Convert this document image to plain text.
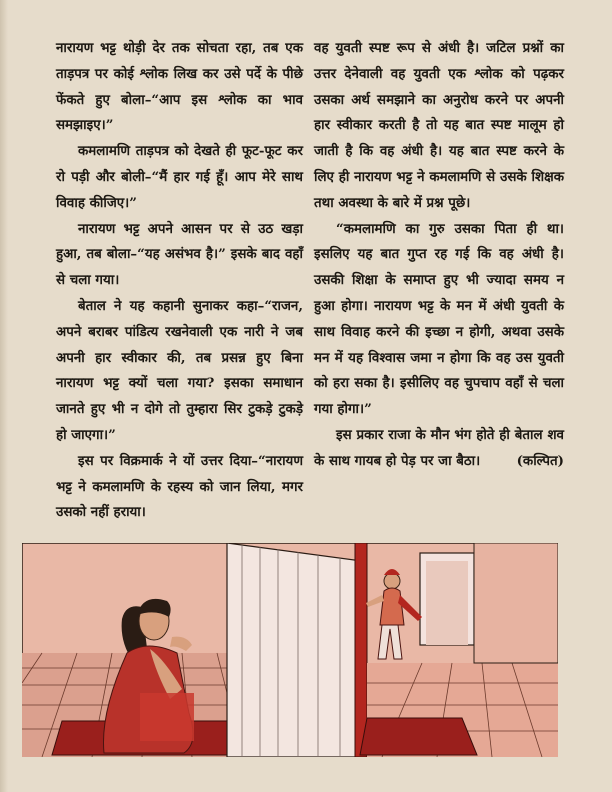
नारायण भट्ट थोड़ी देर तक सोचता रहा, तब एक ताड़पत्र पर कोई श्लोक लिख कर उसे पर्दे के पीछे फेंकते हुए बोला–“आप इस श्लोक का भाव समझाइए।”

कमलामणि ताड़पत्र को देखते ही फूट-फूट कर रो पड़ी और बोली–“मैं हार गई हूँ। आप मेरे साथ विवाह कीजिए।”

नारायण भट्ट अपने आसन पर से उठ खड़ा हुआ, तब बोला–“यह असंभव है।” इसके बाद वहाँ से चला गया।

बेताल ने यह कहानी सुनाकर कहा–“राजन, अपने बराबर पांडित्य रखनेवाली एक नारी ने जब अपनी हार स्वीकार की, तब प्रसन्न हुए बिना नारायण भट्ट क्यों चला गया? इसका समाधान जानते हुए भी न दोगे तो तुम्हारा सिर टुकड़े टुकड़े हो जाएगा।”

इस पर विक्रमार्क ने यों उत्तर दिया–“नारायण भट्ट ने कमलामणि के रहस्य को जान लिया, मगर उसको नहीं हराया।

वह युवती स्पष्ट रूप से अंधी है। जटिल प्रश्नों का उत्तर देनेवाली वह युवती एक श्लोक को पढ़कर उसका अर्थ समझाने का अनुरोध करने पर अपनी हार स्वीकार करती है तो यह बात स्पष्ट मालूम हो जाती है कि वह अंधी है। यह बात स्पष्ट करने के लिए ही नारायण भट्ट ने कमलामणि से उसके शिक्षक तथा अवस्था के बारे में प्रश्न पूछे।

“कमलामणि का गुरु उसका पिता ही था। इसलिए यह बात गुप्त रह गई कि वह अंधी है। उसकी शिक्षा के समाप्त हुए भी ज्यादा समय न हुआ होगा। नारायण भट्ट के मन में अंधी युवती के साथ विवाह करने की इच्छा न होगी, अथवा उसके मन में यह विश्वास जमा न होगा कि वह उस युवती को हरा सका है। इसीलिए वह चुपचाप वहाँ से चला गया होगा।”

इस प्रकार राजा के मौन भंग होते ही बेताल शव के साथ गायब हो पेड़ पर जा बैठा।	(कल्पित)
